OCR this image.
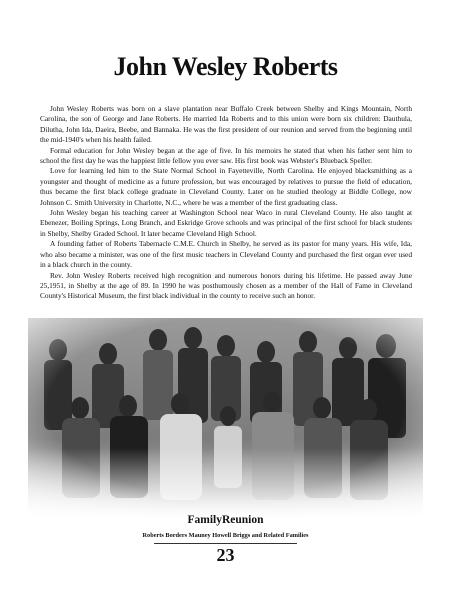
John Wesley Roberts

John Wesley Roberts was born on a slave plantation near Buffalo Creek between Shelby and Kings Mountain, North Carolina, the son of George and Jane Roberts. He married Ida Roberts and to this union were born six children: Dauthula, Dilutha, John Ida, Daeira, Beebe, and Bannaka. He was the first president of our reunion and served from the beginning until the mid-1940's when his health failed.

Formal education for John Wesley began at the age of five. In his memoirs he stated that when his father sent him to school the first day he was the happiest little fellow you ever saw. His first book was Webster's Blueback Speller.

Love for learning led him to the State Normal School in Fayetteville, North Carolina. He enjoyed blacksmithing as a youngster and thought of medicine as a future profession, but was encouraged by relatives to pursue the field of education, thus became the first black college graduate in Cleveland County. Later on he studied theology at Biddle College, now Johnson C. Smith University in Charlotte, N.C., where he was a member of the first graduating class.

John Wesley began his teaching career at Washington School near Waco in rural Cleveland County. He also taught at Ebenezer, Boiling Springs, Long Branch, and Eskridge Grove schools and was principal of the first school for black students in Shelby, Shelby Graded School. It later became Cleveland High School.

A founding father of Roberts Tabernacle C.M.E. Church in Shelby, he served as its pastor for many years. His wife, Ida, who also became a minister, was one of the first music teachers in Cleveland County and purchased the first organ ever used in a black church in the county.

Rev. John Wesley Roberts received high recognition and numerous honors during his lifetime. He passed away June 25,1951, in Shelby at the age of 89. In 1990 he was posthumously chosen as a member of the Hall of Fame in Cleveland County's Historical Museum, the first black individual in the county to receive such an honor.

FamilyReunion
Roberts Borders Mauney Howell Briggs and Related Families
23
